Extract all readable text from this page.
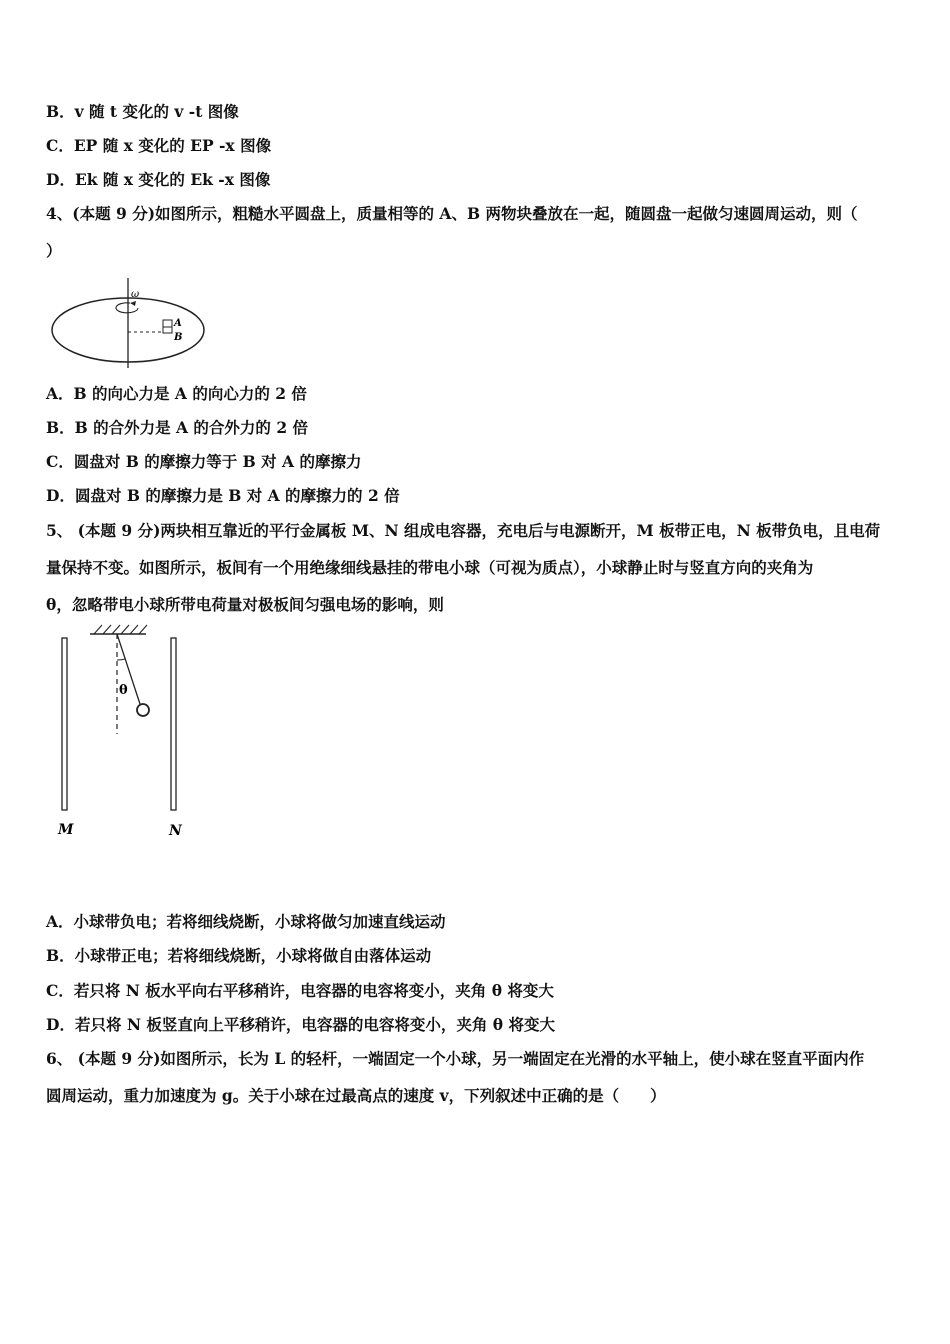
B．v 随 t 变化的 v -t 图像
C．EP 随 x 变化的 EP -x 图像
D．Ek 随 x 变化的 Ek -x 图像
4、(本题 9 分)如图所示，粗糙水平圆盘上，质量相等的 A、B 两物块叠放在一起，随圆盘一起做匀速圆周运动，则（
）
ω
A
B
A．B 的向心力是 A 的向心力的 2 倍
B．B 的合外力是 A 的合外力的 2 倍
C．圆盘对 B 的摩擦力等于 B 对 A 的摩擦力
D．圆盘对 B 的摩擦力是 B 对 A 的摩擦力的 2 倍
5、 (本题 9 分)两块相互靠近的平行金属板 M、N 组成电容器，充电后与电源断开，M 板带正电，N 板带负电，且电荷
量保持不变。如图所示，板间有一个用绝缘细线悬挂的带电小球（可视为质点），小球静止时与竖直方向的夹角为
θ，忽略带电小球所带电荷量对极板间匀强电场的影响，则
θ
M	N
A．小球带负电；若将细线烧断，小球将做匀加速直线运动
B．小球带正电；若将细线烧断，小球将做自由落体运动
C．若只将 N 板水平向右平移稍许，电容器的电容将变小，夹角 θ 将变大
D．若只将 N 板竖直向上平移稍许，电容器的电容将变小，夹角 θ 将变大
6、 (本题 9 分)如图所示，长为 L 的轻杆，一端固定一个小球，另一端固定在光滑的水平轴上，使小球在竖直平面内作
圆周运动，重力加速度为 g。关于小球在过最高点的速度 v，下列叙述中正确的是（　　）
